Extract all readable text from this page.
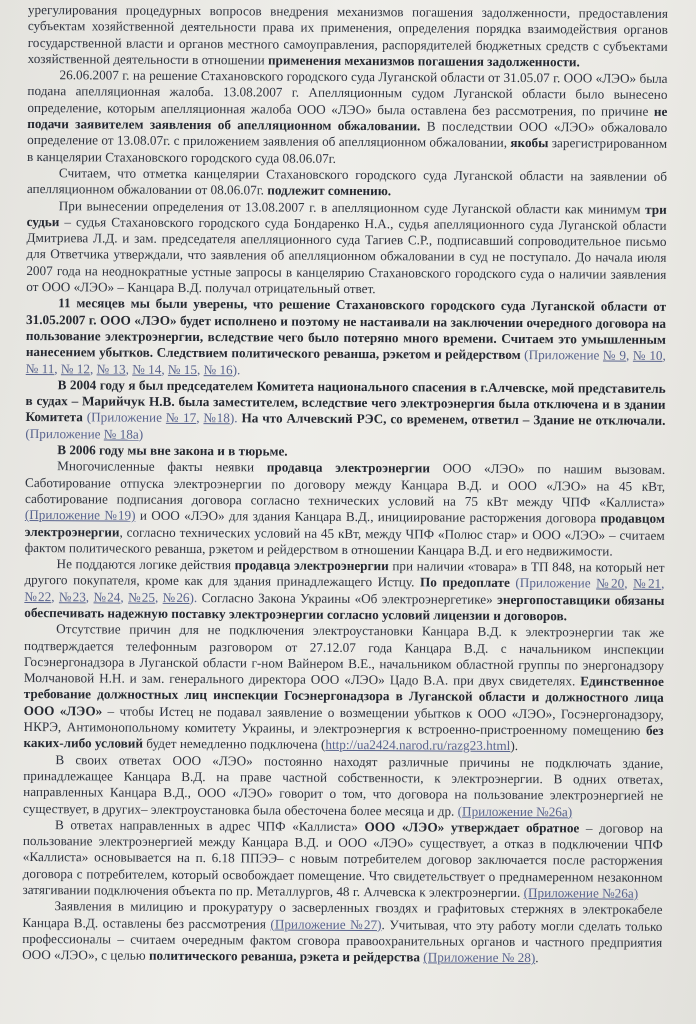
урегулирования процедурных вопросов внедрения механизмов погашения задолженности, предоставления субъектам хозяйственной деятельности права их применения, определения порядка взаимодействия органов государственной власти и органов местного самоуправления, распорядителей бюджетных средств с субъектами хозяйственной деятельности в отношении применения механизмов погашения задолженности.

26.06.2007 г. на решение Стахановского городского суда Луганской области от 31.05.07 г. ООО «ЛЭО» была подана апелляционная жалоба. 13.08.2007 г. Апелляционным судом Луганской области было вынесено определение, которым апелляционная жалоба ООО «ЛЭО» была оставлена без рассмотрения, по причине не подачи заявителем заявления об апелляционном обжаловании. В последствии ООО «ЛЭО» обжаловало определение от 13.08.07г. с приложением заявления об апелляционном обжаловании, якобы зарегистрированном в канцелярии Стахановского городского суда 08.06.07г.

Считаем, что отметка канцелярии Стахановского городского суда Луганской области на заявлении об апелляционном обжаловании от 08.06.07г. подлежит сомнению.

При вынесении определения от 13.08.2007 г. в апелляционном суде Луганской области как минимум три судьи – судья Стахановского городского суда Бондаренко Н.А., судья апелляционного суда Луганской области Дмитриева Л.Д. и зам. председателя апелляционного суда Тагиев С.Р., подписавший сопроводительное письмо для Ответчика утверждали, что заявления об апелляционном обжаловании в суд не поступало. До начала июля 2007 года на неоднократные устные запросы в канцелярию Стахановского городского суда о наличии заявления от ООО «ЛЭО» – Канцара В.Д. получал отрицательный ответ.

11 месяцев мы были уверены, что решение Стахановского городского суда Луганской области от 31.05.2007 г. ООО «ЛЭО» будет исполнено и поэтому не настаивали на заключении очередного договора на пользование электроэнергии, вследствие чего было потеряно много времени. Считаем это умышленным нанесением убытков. Следствием политического реванша, рэкетом и рейдерством (Приложение № 9, № 10, № 11, № 12, № 13, № 14, № 15, № 16).

В 2004 году я был председателем Комитета национального спасения в г.Алчевске, мой представитель в судах – Марийчук Н.В. была заместителем, вследствие чего электроэнергия была отключена и в здании Комитета (Приложение № 17, №18). На что Алчевский РЭС, со временем, ответил – Здание не отключали. (Приложение № 18а)

В 2006 году мы вне закона и в тюрьме.

Многочисленные факты неявки продавца электроэнергии ООО «ЛЭО» по нашим вызовам. Саботирование отпуска электроэнергии по договору между Канцара В.Д. и ООО «ЛЭО» на 45 кВт, саботирование подписания договора согласно технических условий на 75 кВт между ЧПФ «Каллиста» (Приложение №19) и ООО «ЛЭО» для здания Канцара В.Д., инициирование расторжения договора продавцом электроэнергии, согласно технических условий на 45 кВт, между ЧПФ «Полюс стар» и ООО «ЛЭО» – считаем фактом политического реванша, рэкетом и рейдерством в отношении Канцара В.Д. и его недвижимости.

Не поддаются логике действия продавца электроэнергии при наличии «товара» в ТП 848, на который нет другого покупателя, кроме как для здания принадлежащего Истцу. По предоплате (Приложение №20, №21, №22, №23, №24, №25, №26). Согласно Закона Украины «Об электроэнергетике» энергопоставщики обязаны обеспечивать надежную поставку электроэнергии согласно условий лицензии и договоров.

Отсутствие причин для не подключения электроустановки Канцара В.Д. к электроэнергии так же подтверждается телефонным разговором от 27.12.07 года Канцара В.Д. с начальником инспекции Госэнергонадзора в Луганской области г-ном Вайнером В.Е., начальником областной группы по энергонадзору Молчановой Н.Н. и зам. генерального директора ООО «ЛЭО» Цадо В.А. при двух свидетелях. Единственное требование должностных лиц инспекции Госэнергонадзора в Луганской области и должностного лица ООО «ЛЭО» – чтобы Истец не подавал заявление о возмещении убытков к ООО «ЛЭО», Госэнергонадзору, НКРЭ, Антимонопольному комитету Украины, и электроэнергия к встроенно-пристроенному помещению без каких-либо условий будет немедленно подключена (http://ua2424.narod.ru/razg23.html).

В своих ответах ООО «ЛЭО» постоянно находят различные причины не подключать здание, принадлежащее Канцара В.Д. на праве частной собственности, к электроэнергии. В одних ответах, направленных Канцара В.Д., ООО «ЛЭО» говорит о том, что договора на пользование электроэнергией не существует, в других– электроустановка была обесточена более месяца и др. (Приложение №26а)

В ответах направленных в адрес ЧПФ «Каллиста» ООО «ЛЭО» утверждает обратное – договор на пользование электроэнергией между Канцара В.Д. и ООО «ЛЭО» существует, а отказ в подключении ЧПФ «Каллиста» основывается на п. 6.18 ППЭЭ– с новым потребителем договор заключается после расторжения договора с потребителем, который освобождает помещение. Что свидетельствует о преднамеренном незаконном затягивании подключения объекта по пр. Металлургов, 48 г. Алчевска к электроэнергии. (Приложение №26а)

Заявления в милицию и прокуратуру о засверленных гвоздях и графитовых стержнях в электрокабеле Канцара В.Д. оставлены без рассмотрения (Приложение №27). Учитывая, что эту работу могли сделать только профессионалы – считаем очередным фактом сговора правоохранительных органов и частного предприятия ООО «ЛЭО», с целью политического реванша, рэкета и рейдерства (Приложение № 28).
